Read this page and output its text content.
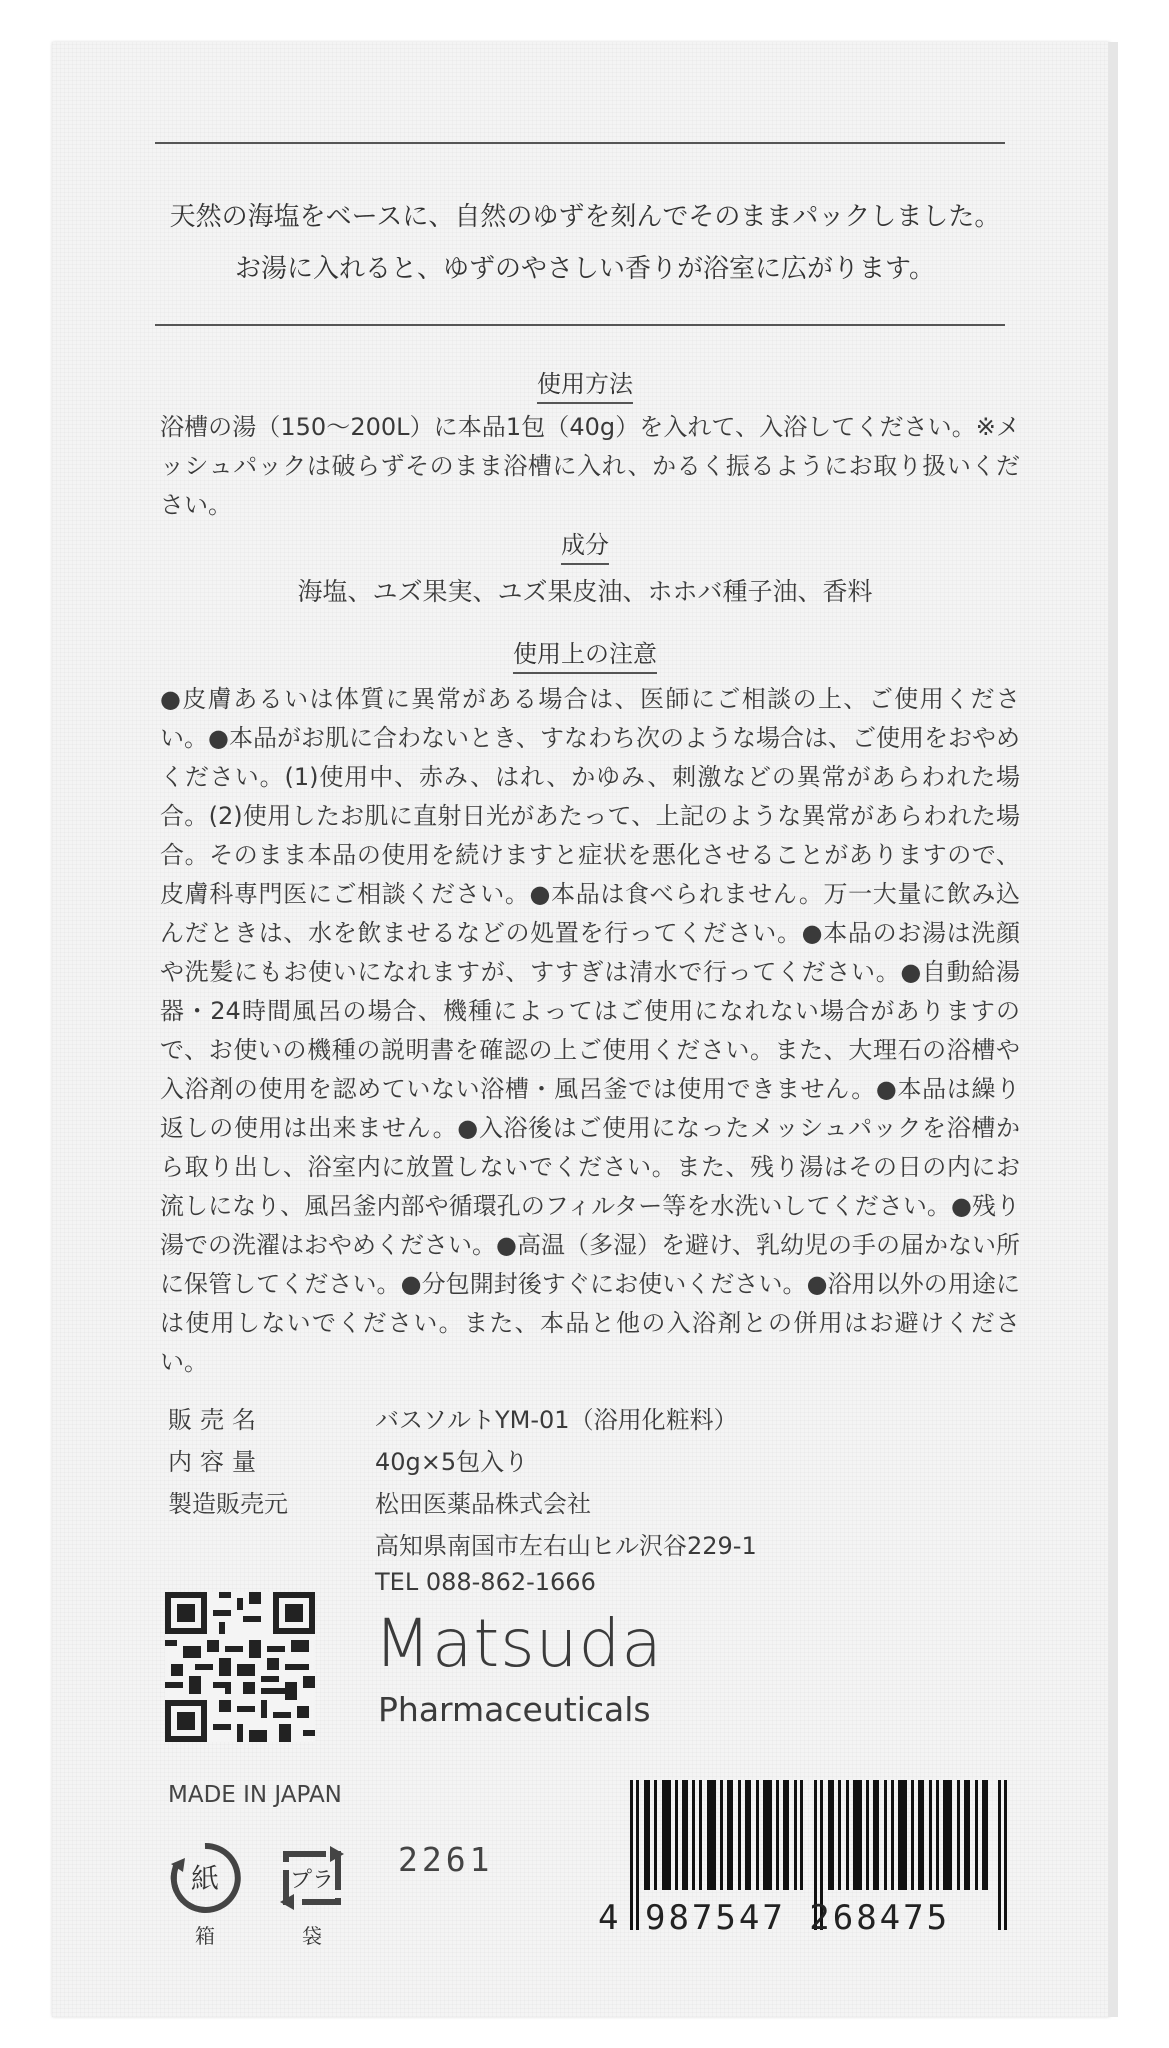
天然の海塩をベースに、自然のゆずを刻んでそのままパックしました。
お湯に入れると、ゆずのやさしい香りが浴室に広がります。
使用方法
浴槽の湯（150〜200L）に本品1包（40g）を入れて、入浴してください。※メッシュパックは破らずそのまま浴槽に入れ、かるく振るようにお取り扱いください。
成分
海塩、ユズ果実、ユズ果皮油、ホホバ種子油、香料
使用上の注意
●皮膚あるいは体質に異常がある場合は、医師にご相談の上、ご使用ください。●本品がお肌に合わないとき、すなわち次のような場合は、ご使用をおやめください。(1)使用中、赤み、はれ、かゆみ、刺激などの異常があらわれた場合。(2)使用したお肌に直射日光があたって、上記のような異常があらわれた場合。そのまま本品の使用を続けますと症状を悪化させることがありますので、皮膚科専門医にご相談ください。●本品は食べられません。万一大量に飲み込んだときは、水を飲ませるなどの処置を行ってください。●本品のお湯は洗顔や洗髪にもお使いになれますが、すすぎは清水で行ってください。●自動給湯器・24時間風呂の場合、機種によってはご使用になれない場合がありますので、お使いの機種の説明書を確認の上ご使用ください。また、大理石の浴槽や入浴剤の使用を認めていない浴槽・風呂釜では使用できません。●本品は繰り返しの使用は出来ません。●入浴後はご使用になったメッシュパックを浴槽から取り出し、浴室内に放置しないでください。また、残り湯はその日の内にお流しになり、風呂釜内部や循環孔のフィルター等を水洗いしてください。●残り湯での洗濯はおやめください。●高温（多湿）を避け、乳幼児の手の届かない所に保管してください。●分包開封後すぐにお使いください。●浴用以外の用途には使用しないでください。また、本品と他の入浴剤との併用はお避けください。
販売名	バスソルトYM-01（浴用化粧料）
内容量	40g×5包入り
製造販売元	松田医薬品株式会社
高知県南国市左右山ヒル沢谷229-1
TEL 088-862-1666
Matsuda
Pharmaceuticals
MADE IN JAPAN
2261
紙
箱
プラ
袋	4 987547 268475
